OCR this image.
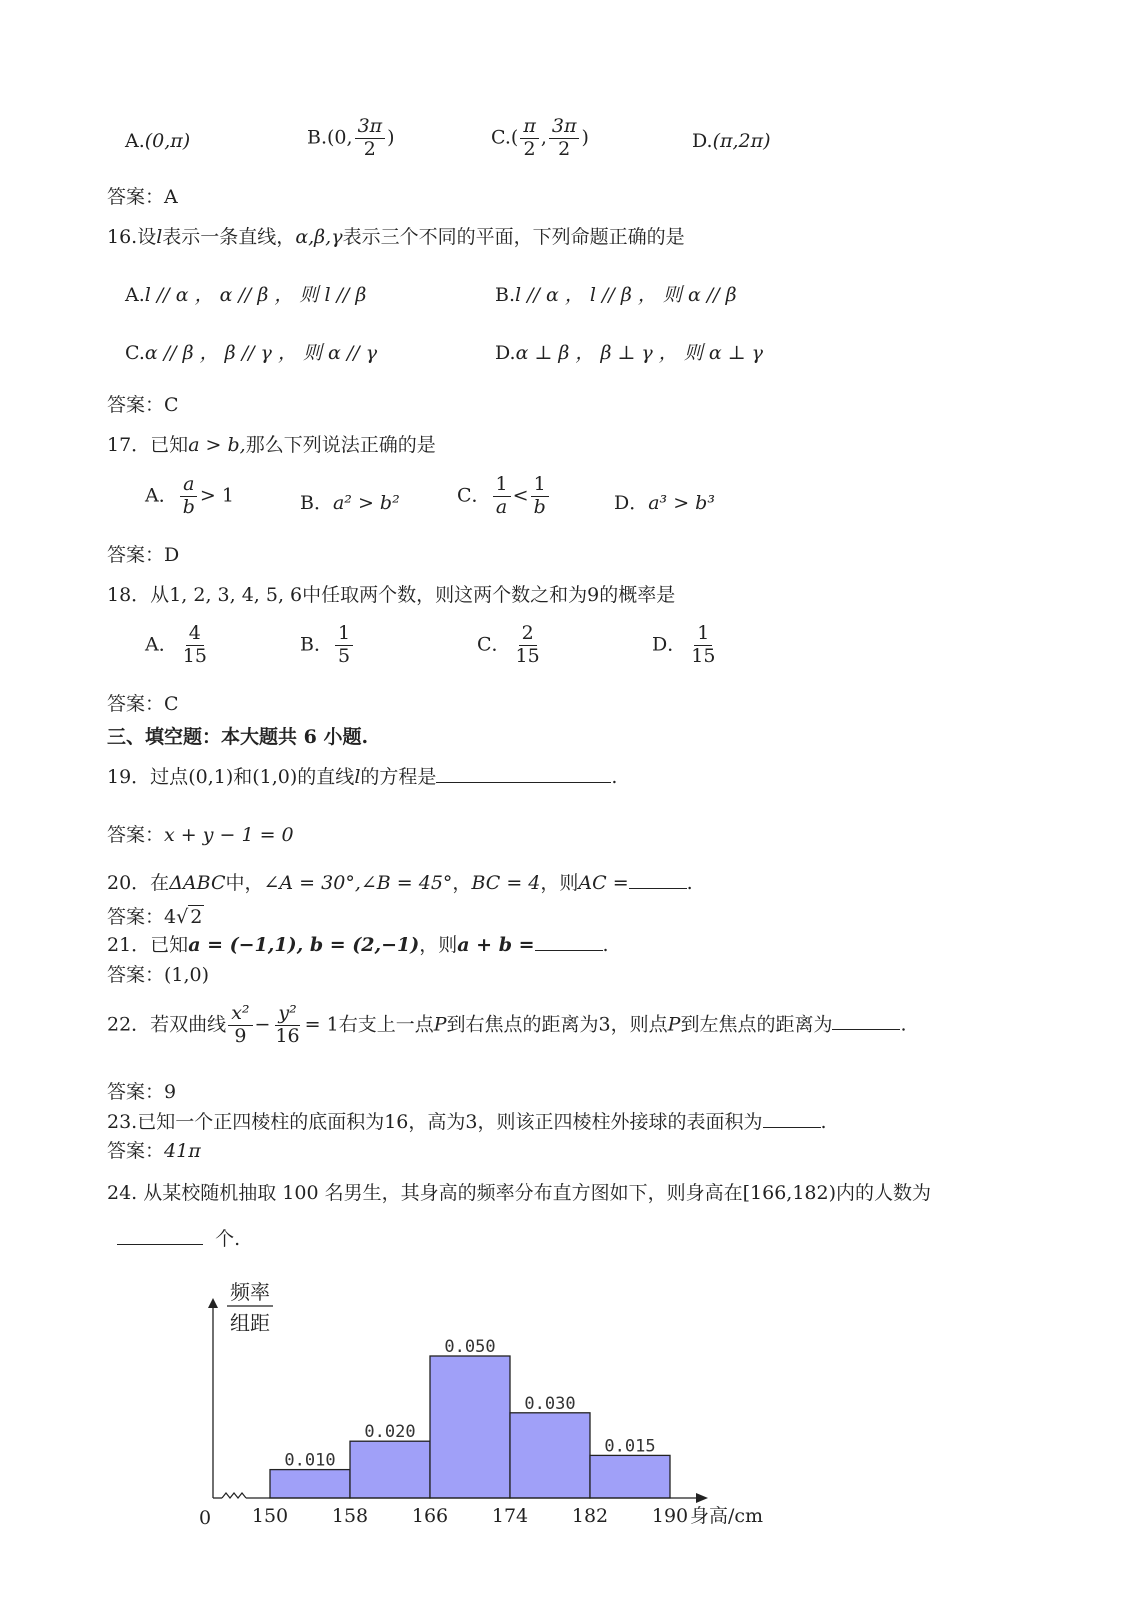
A.(0,π)	B.(0, $\frac{3\pi}{2}$ )	$C.( \frac{\pi}{2}$ , $\frac{3\pi}{2}$ )	D.(π,2π)
答案：A
16.设l表示一条直线，α,β,γ表示三个不同的平面，下列命题正确的是
A.l // α ， α // β ， 则 l // β	B.l // α ， l // β ， 则 α // β
C.α // β ， β // γ ， 则 α // γ	D.α ⊥ β ， β ⊥ γ ， 则 α ⊥ γ
答案：C
17．已知a > b,那么下列说法正确的是
A． $\frac{a}{b} > 1$	B．a² > b²	C． $\frac{1}{a} < \frac{1}{b}$	D．a³ > b³
答案：D
18．从1, 2, 3, 4, 5, 6中任取两个数，则这两个数之和为9的概率是
A． $\frac{4}{15}$	B． $\frac{1}{5}$	C． $\frac{2}{15}$	D． $\frac{1}{15}$
答案：C
三、填空题：本大题共 6 小题.
19．过点(0,1)和(1,0)的直线l的方程是	.
答案：x + y − 1 = 0
20．在ΔABC中，∠A = 30°,∠B = 45°，BC = 4，则AC =	.
答案：4√ 2
21．已知a = (−1,1), b = (2,−1)，则a + b =	.
答案：(1,0)
22．若双曲线 $\frac{\text{x²}}{9} - \frac{\text{y²}}{16} = 1$右支上一点P到右焦点的距离为3，则点P到左焦点的距离为	.
答案：9
23.已知一个正四棱柱的底面积为16，高为3，则该正四棱柱外接球的表面积为	.
答案：41π
24. 从某校随机抽取 100 名男生，其身高的频率分布直方图如下，则身高在[166,182)内的人数为
个.
0.010
0.020
0.050
0.030
0.015
150 158 166 174 182 190
0	身高/cm
频率
组距
